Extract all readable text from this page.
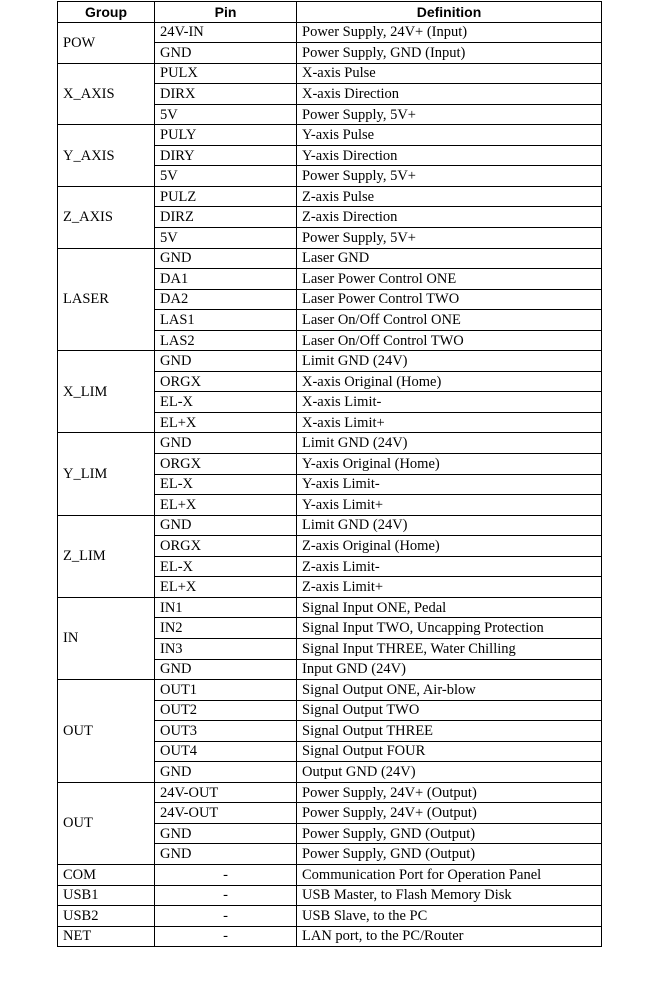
Group	Pin	Definition
POW	24V-IN	Power Supply, 24V+ (Input)
	GND	Power Supply, GND (Input)
X_AXIS	PULX	X-axis Pulse
	DIRX	X-axis Direction
	5V	Power Supply, 5V+
Y_AXIS	PULY	Y-axis Pulse
	DIRY	Y-axis Direction
	5V	Power Supply, 5V+
Z_AXIS	PULZ	Z-axis Pulse
	DIRZ	Z-axis Direction
	5V	Power Supply, 5V+
LASER	GND	Laser GND
	DA1	Laser Power Control ONE
	DA2	Laser Power Control TWO
	LAS1	Laser On/Off Control ONE
	LAS2	Laser On/Off Control TWO
X_LIM	GND	Limit GND (24V)
	ORGX	X-axis Original (Home)
	EL-X	X-axis Limit-
	EL+X	X-axis Limit+
Y_LIM	GND	Limit GND (24V)
	ORGX	Y-axis Original (Home)
	EL-X	Y-axis Limit-
	EL+X	Y-axis Limit+
Z_LIM	GND	Limit GND (24V)
	ORGX	Z-axis Original (Home)
	EL-X	Z-axis Limit-
	EL+X	Z-axis Limit+
IN	IN1	Signal Input ONE, Pedal
	IN2	Signal Input TWO, Uncapping Protection
	IN3	Signal Input THREE, Water Chilling
	GND	Input GND (24V)
OUT	OUT1	Signal Output ONE, Air-blow
	OUT2	Signal Output TWO
	OUT3	Signal Output THREE
	OUT4	Signal Output FOUR
	GND	Output GND (24V)
OUT	24V-OUT	Power Supply, 24V+ (Output)
	24V-OUT	Power Supply, 24V+ (Output)
	GND	Power Supply, GND (Output)
	GND	Power Supply, GND (Output)
COM	-	Communication Port for Operation Panel
USB1	-	USB Master, to Flash Memory Disk
USB2	-	USB Slave, to the PC
NET	-	LAN port, to the PC/Router
